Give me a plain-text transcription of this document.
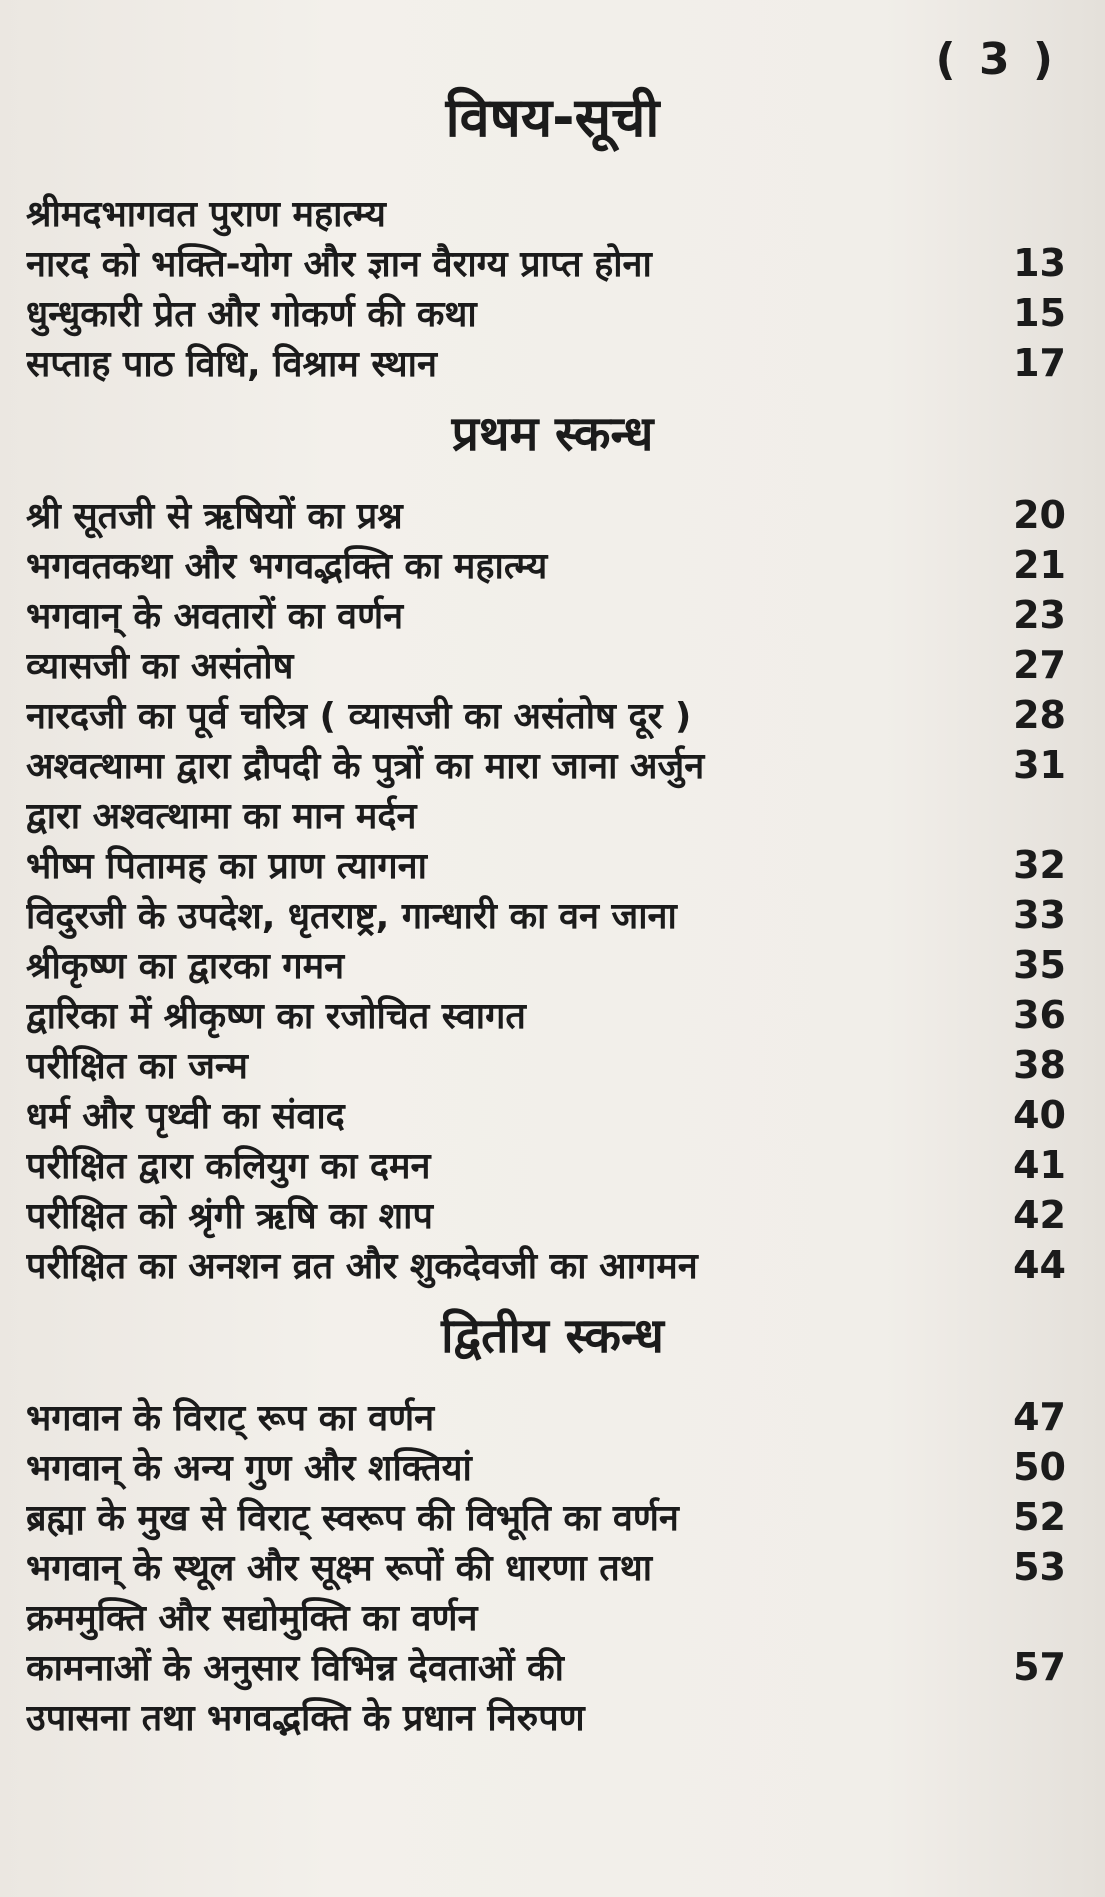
( 3 )
विषय-सूची
श्रीमदभागवत पुराण महात्म्य
नारद को भक्ति-योग और ज्ञान वैराग्य प्राप्त होना	13
धुन्धुकारी प्रेत और गोकर्ण की कथा	15
सप्ताह पाठ विधि, विश्राम स्थान	17
प्रथम स्कन्ध
श्री सूतजी से ऋषियों का प्रश्न	20
भगवतकथा और भगवद्भक्ति का महात्म्य	21
भगवान् के अवतारों का वर्णन	23
व्यासजी का असंतोष	27
नारदजी का पूर्व चरित्र ( व्यासजी का असंतोष दूर )	28
अश्वत्थामा द्वारा द्रौपदी के पुत्रों का मारा जाना अर्जुन	31
द्वारा अश्वत्थामा का मान मर्दन
भीष्म पितामह का प्राण त्यागना	32
विदुरजी के उपदेश, धृतराष्ट्र, गान्धारी का वन जाना	33
श्रीकृष्ण का द्वारका गमन	35
द्वारिका में श्रीकृष्ण का रजोचित स्वागत	36
परीक्षित का जन्म	38
धर्म और पृथ्वी का संवाद	40
परीक्षित द्वारा कलियुग का दमन	41
परीक्षित को श्रृंगी ऋषि का शाप	42
परीक्षित का अनशन व्रत और शुकदेवजी का आगमन	44
द्वितीय स्कन्ध
भगवान के विराट् रूप का वर्णन	47
भगवान् के अन्य गुण और शक्तियां	50
ब्रह्मा के मुख से विराट् स्वरूप की विभूति का वर्णन	52
भगवान् के स्थूल और सूक्ष्म रूपों की धारणा तथा	53
क्रममुक्ति और सद्योमुक्ति का वर्णन
कामनाओं के अनुसार विभिन्न देवताओं की	57
उपासना तथा भगवद्भक्ति के प्रधान निरुपण
